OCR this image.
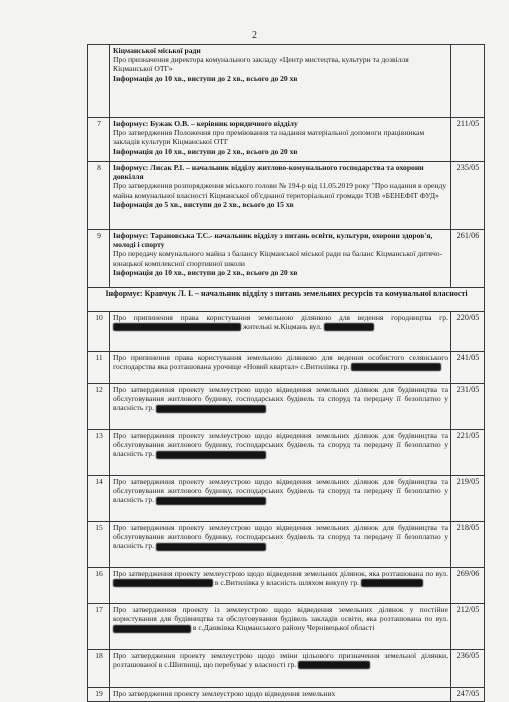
2

	Кіцманської міської ради
Про призначення директора комунального закладу «Центр мистецтва, культури та дозвілля Кіцманської ОТГ»
Інформація до 10 хв., виступи до 2 хв., всього до 20 хв	

7	Інформує: Бужак О.В. – керівник юридичного відділу
Про затвердження Положення про преміювання та надання матеріальної допомоги працівникам закладів культури Кіцманської ОТГ
Інформація до 10 хв., виступи до 2 хв., всього до 20 хв	211/05
8	Інформує: Лисак Р.І. – начальник відділу житлово-комунального господарства та охорони довкілля
Про затвердження розпорядження міського голови № 194-р від 11.05.2019 року "Про надання в оренду майна комунальної власності Кіцманської об'єднаної територіальної громади ТОВ «БЕНЕФІТ ФУД»
Інформація до 5 хв., виступи до 2 хв., всього до 15 хв	235/05
9	Інформує: Тарановська Т.С.- начальник відділу з питань освіти, культури, охорони здоров'я, молоді і спорту
Про передачу комунального майна з балансу Кіцманської міської ради на баланс Кіцманської дитячо-юнацької комплексної спортивної школи
Інформація до 10 хв., виступи до 2 хв., всього до 20 хв	261/06
Інформує: Кравчук Л. І. – начальник відділу з питань земельних ресурсів та комунальної власності		
10	Про припинення права користування земельною ділянкою для ведення городництва гр.  жителькі м.Кіцмань вул.	220/05
11	Про припинення права користування земельною ділянкою для ведення особистого селянського господарства яка розташована урочище «Новий квартал» с.Витилівка гр.	241/05
12	Про затвердження проекту землеустрою щодо відведення земельних ділянок для будівництва та обслуговування житлового будинку, господарських будівель та споруд та передачу її безоплатно у власність гр.	231/05
13	Про затвердження проекту землеустрою щодо відведення земельних ділянок для будівництва та обслуговування житлового будинку, господарських будівель та споруд та передачу її безоплатно у власність гр.	221/05
14	Про затвердження проекту землеустрою щодо відведення земельних ділянок для будівництва та обслуговування житлового будинку, господарських будівель та споруд та передачу її безоплатно у власність гр.	219/05
15	Про затвердження проекту землеустрою щодо відведення земельних ділянок для будівництва та обслуговування житлового будинку, господарських будівель та споруд та передачу її безоплатно у власність гр.	218/05
16	Про затвердження проекту землеустрою щодо відведення земельних ділянок, яка розташована по вул.  в с.Витилівка у власність шляхом викупу гр.	269/06
17	Про затвердження проекту із землеустрою щодо відведення земельних ділянок у постійне користування для будівництва та обслуговування будівель закладів освіти, яка розташована по вул.  в с.Дашківка Кіцманського району Чернівецької області	212/05
18	Про затвердження проекту землеустрою щодо зміни цільового призначення земельної ділянки, розташованої в с.Шипинці, що перебуває у власності гр.	236/05
19	Про затвердження проекту землеустрою щодо відведення земельних	247/05
